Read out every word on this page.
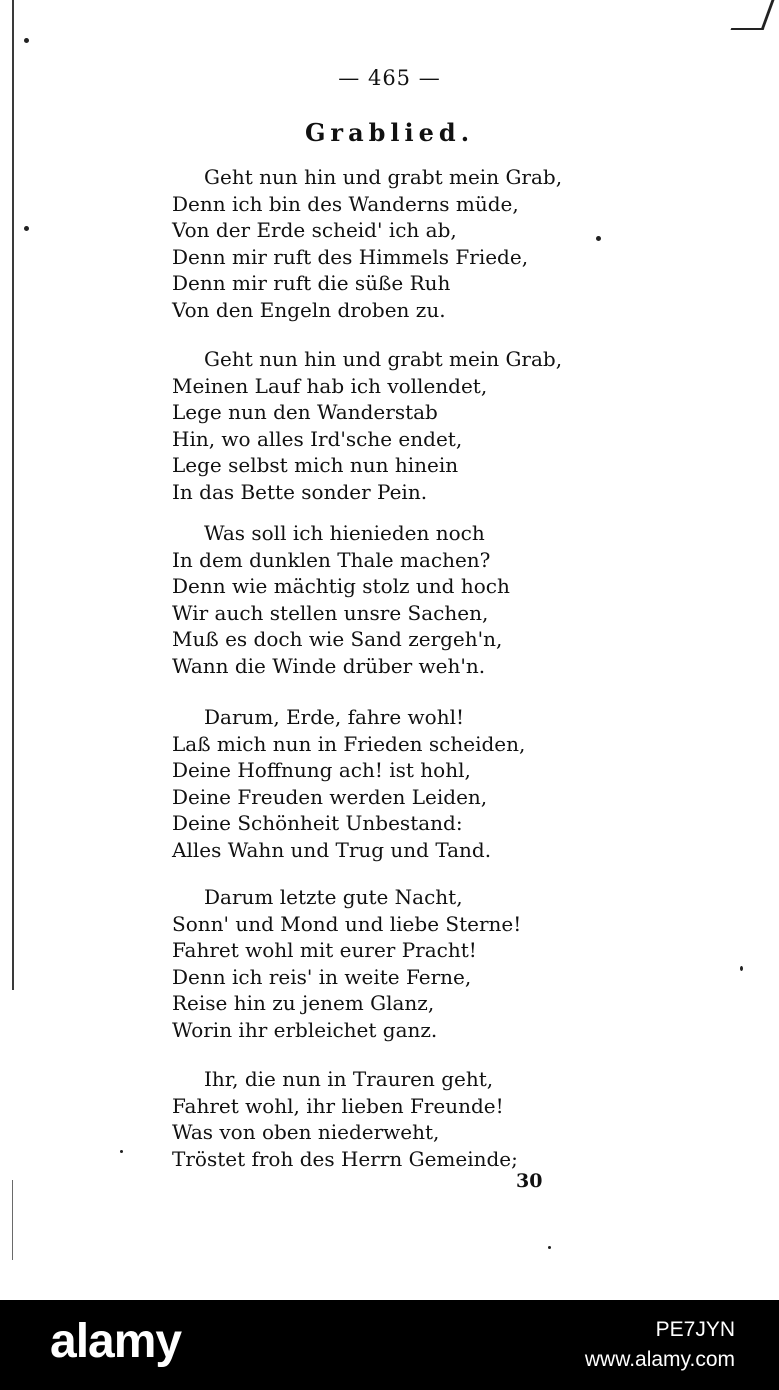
— 465 —
Grablied.
Geht nun hin und grabt mein Grab,
Denn ich bin des Wanderns müde,
Von der Erde scheid' ich ab,
Denn mir ruft des Himmels Friede,
Denn mir ruft die süße Ruh
Von den Engeln droben zu.
Geht nun hin und grabt mein Grab,
Meinen Lauf hab ich vollendet,
Lege nun den Wanderstab
Hin, wo alles Ird'sche endet,
Lege selbst mich nun hinein
In das Bette sonder Pein.
Was soll ich hienieden noch
In dem dunklen Thale machen?
Denn wie mächtig stolz und hoch
Wir auch stellen unsre Sachen,
Muß es doch wie Sand zergeh'n,
Wann die Winde drüber weh'n.
Darum, Erde, fahre wohl!
Laß mich nun in Frieden scheiden,
Deine Hoffnung ach! ist hohl,
Deine Freuden werden Leiden,
Deine Schönheit Unbestand:
Alles Wahn und Trug und Tand.
Darum letzte gute Nacht,
Sonn' und Mond und liebe Sterne!
Fahret wohl mit eurer Pracht!
Denn ich reis' in weite Ferne,
Reise hin zu jenem Glanz,
Worin ihr erbleichet ganz.
Ihr, die nun in Trauren geht,
Fahret wohl, ihr lieben Freunde!
Was von oben niederweht,
Tröstet froh des Herrn Gemeinde;
30
alamy	PE7JYN
www.alamy.com
